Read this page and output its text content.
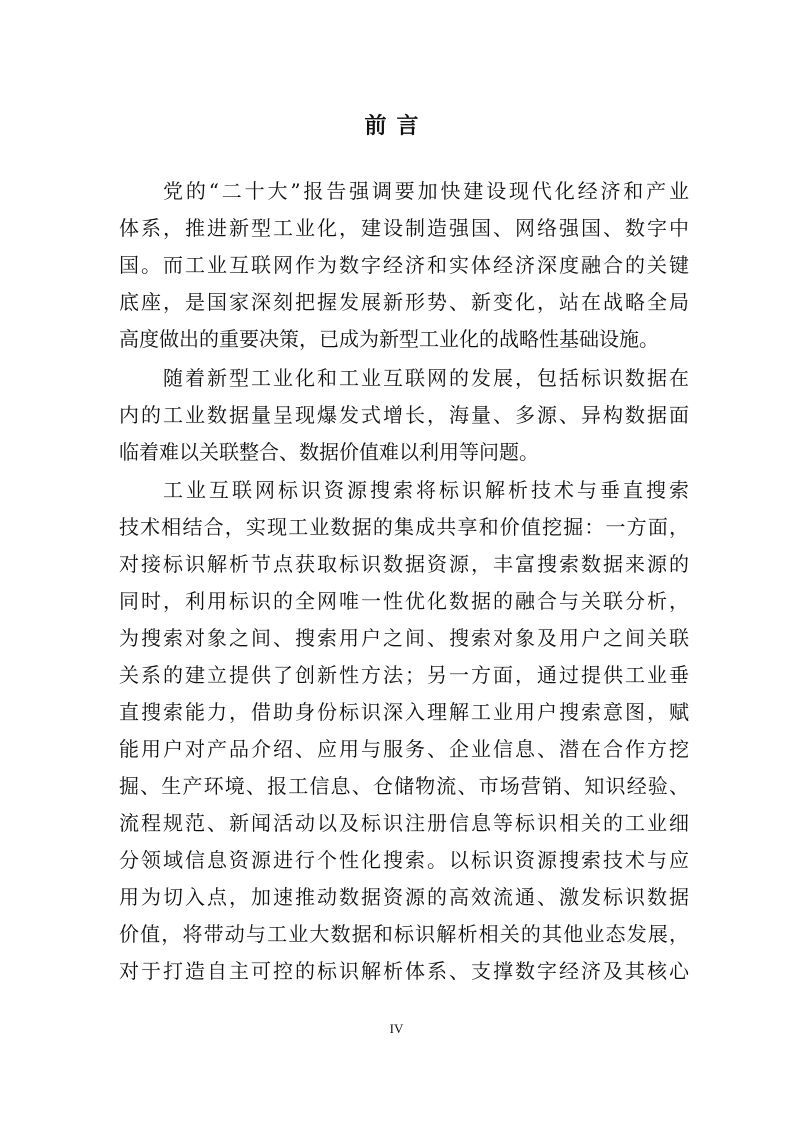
前言
党的“二十大”报告强调要加快建设现代化经济和产业
体系，推进新型工业化，建设制造强国、网络强国、数字中
国。而工业互联网作为数字经济和实体经济深度融合的关键
底座，是国家深刻把握发展新形势、新变化，站在战略全局
高度做出的重要决策，已成为新型工业化的战略性基础设施。
随着新型工业化和工业互联网的发展，包括标识数据在
内的工业数据量呈现爆发式增长，海量、多源、异构数据面
临着难以关联整合、数据价值难以利用等问题。
工业互联网标识资源搜索将标识解析技术与垂直搜索
技术相结合，实现工业数据的集成共享和价值挖掘：一方面，
对接标识解析节点获取标识数据资源，丰富搜索数据来源的
同时，利用标识的全网唯一性优化数据的融合与关联分析，
为搜索对象之间、搜索用户之间、搜索对象及用户之间关联
关系的建立提供了创新性方法；另一方面，通过提供工业垂
直搜索能力，借助身份标识深入理解工业用户搜索意图，赋
能用户对产品介绍、应用与服务、企业信息、潜在合作方挖
掘、生产环境、报工信息、仓储物流、市场营销、知识经验、
流程规范、新闻活动以及标识注册信息等标识相关的工业细
分领域信息资源进行个性化搜索。以标识资源搜索技术与应
用为切入点，加速推动数据资源的高效流通、激发标识数据
价值，将带动与工业大数据和标识解析相关的其他业态发展，
对于打造自主可控的标识解析体系、支撑数字经济及其核心
IV
